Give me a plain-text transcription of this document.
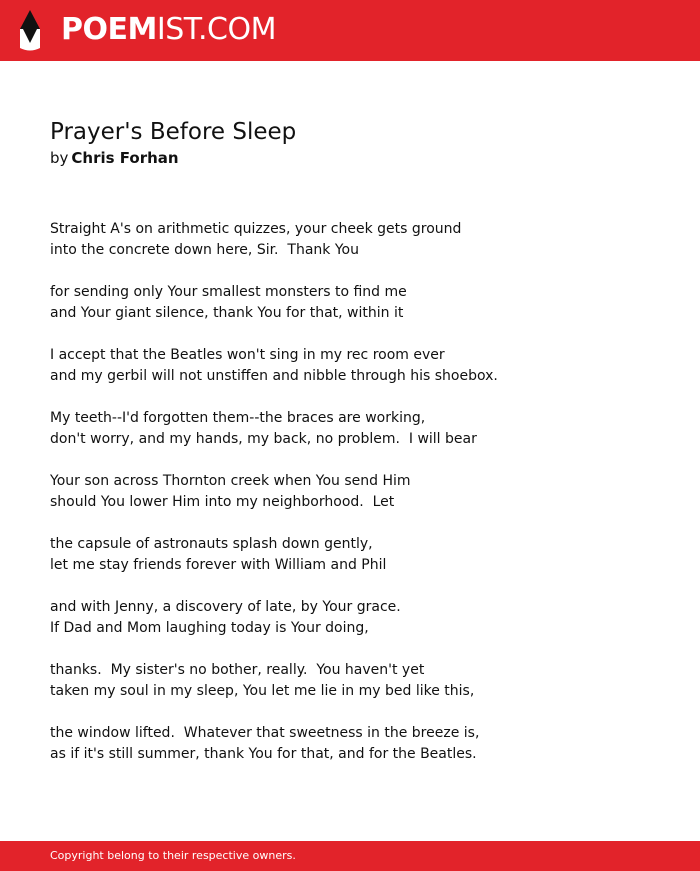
POEMIST.COM
Prayer's Before Sleep
by Chris Forhan
Straight A's on arithmetic quizzes, your cheek gets ground
into the concrete down here, Sir.  Thank You
for sending only Your smallest monsters to find me
and Your giant silence, thank You for that, within it
I accept that the Beatles won't sing in my rec room ever
and my gerbil will not unstiffen and nibble through his shoebox.
My teeth--I'd forgotten them--the braces are working,
don't worry, and my hands, my back, no problem.  I will bear
Your son across Thornton creek when You send Him
should You lower Him into my neighborhood.  Let
the capsule of astronauts splash down gently,
let me stay friends forever with William and Phil
and with Jenny, a discovery of late, by Your grace.
If Dad and Mom laughing today is Your doing,
thanks.  My sister's no bother, really.  You haven't yet
taken my soul in my sleep, You let me lie in my bed like this,
the window lifted.  Whatever that sweetness in the breeze is,
as if it's still summer, thank You for that, and for the Beatles.
Copyright belong to their respective owners.
